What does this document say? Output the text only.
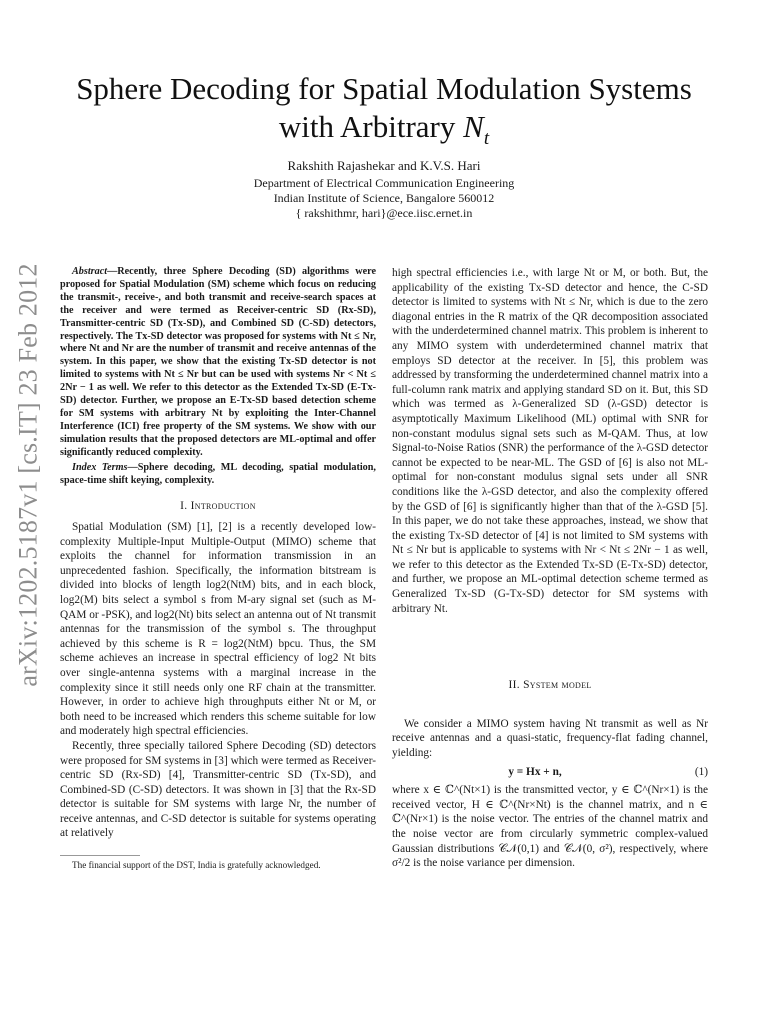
arXiv:1202.5187v1 [cs.IT] 23 Feb 2012
Sphere Decoding for Spatial Modulation Systems
with Arbitrary $N_t$
Rakshith Rajashekar and K.V.S. Hari
Department of Electrical Communication Engineering
Indian Institute of Science, Bangalore 560012
{ rakshithmr, hari}@ece.iisc.ernet.in

Abstract—Recently, three Sphere Decoding (SD) algorithms were proposed for Spatial Modulation (SM) scheme which focus on reducing the transmit-, receive-, and both transmit and receive-search spaces at the receiver and were termed as Receiver-centric SD (Rx-SD), Transmitter-centric SD (Tx-SD), and Combined SD (C-SD) detectors, respectively. The Tx-SD detector was proposed for systems with Nt ≤ Nr, where Nt and Nr are the number of transmit and receive antennas of the system. In this paper, we show that the existing Tx-SD detector is not limited to systems with Nt ≤ Nr but can be used with systems Nr < Nt ≤ 2Nr − 1 as well. We refer to this detector as the Extended Tx-SD (E-Tx-SD) detector. Further, we propose an E-Tx-SD based detection scheme for SM systems with arbitrary Nt by exploiting the Inter-Channel Interference (ICI) free property of the SM systems. We show with our simulation results that the proposed detectors are ML-optimal and offer significantly reduced complexity.

Index Terms—Sphere decoding, ML decoding, spatial modulation, space-time shift keying, complexity.

I. Introduction

Spatial Modulation (SM) [1], [2] is a recently developed low-complexity Multiple-Input Multiple-Output (MIMO) scheme that exploits the channel for information transmission in an unprecedented fashion. Specifically, the information bitstream is divided into blocks of length log2(NtM) bits, and in each block, log2(M) bits select a symbol s from M-ary signal set (such as M-QAM or -PSK), and log2(Nt) bits select an antenna out of Nt transmit antennas for the transmission of the symbol s. The throughput achieved by this scheme is R = log2(NtM) bpcu. Thus, the SM scheme achieves an increase in spectral efficiency of log2 Nt bits over single-antenna systems with a marginal increase in the complexity since it still needs only one RF chain at the transmitter. However, in order to achieve high throughputs either Nt or M, or both need to be increased which renders this scheme suitable for low and moderately high spectral efficiencies.

Recently, three specially tailored Sphere Decoding (SD) detectors were proposed for SM systems in [3] which were termed as Receiver-centric SD (Rx-SD) [4], Transmitter-centric SD (Tx-SD), and Combined-SD (C-SD) detectors. It was shown in [3] that the Rx-SD detector is suitable for SM systems with large Nr, the number of receive antennas, and C-SD detector is suitable for systems operating at relatively

The financial support of the DST, India is gratefully acknowledged.

high spectral efficiencies i.e., with large Nt or M, or both. But, the applicability of the existing Tx-SD detector and hence, the C-SD detector is limited to systems with Nt ≤ Nr, which is due to the zero diagonal entries in the R matrix of the QR decomposition associated with the underdetermined channel matrix. This problem is inherent to any MIMO system with underdetermined channel matrix that employs SD detector at the receiver. In [5], this problem was addressed by transforming the underdetermined channel matrix into a full-column rank matrix and applying standard SD on it. But, this SD which was termed as λ-Generalized SD (λ-GSD) detector is asymptotically Maximum Likelihood (ML) optimal with SNR for non-constant modulus signal sets such as M-QAM. Thus, at low Signal-to-Noise Ratios (SNR) the performance of the λ-GSD detector cannot be expected to be near-ML. The GSD of [6] is also not ML-optimal for non-constant modulus signal sets under all SNR conditions like the λ-GSD detector, and also the complexity offered by the GSD of [6] is significantly higher than that of the λ-GSD [5]. In this paper, we do not take these approaches, instead, we show that the existing Tx-SD detector of [4] is not limited to SM systems with Nt ≤ Nr but is applicable to systems with Nr < Nt ≤ 2Nr − 1 as well, we refer to this detector as the Extended Tx-SD (E-Tx-SD) detector, and further, we propose an ML-optimal detection scheme termed as Generalized Tx-SD (G-Tx-SD) detector for SM systems with arbitrary Nt.

II. System model

We consider a MIMO system having Nt transmit as well as Nr receive antennas and a quasi-static, frequency-flat fading channel, yielding:

y = Hx + n,	(1)

where x ∈ ℂ^(Nt×1) is the transmitted vector, y ∈ ℂ^(Nr×1) is the received vector, H ∈ ℂ^(Nr×Nt) is the channel matrix, and n ∈ ℂ^(Nr×1) is the noise vector. The entries of the channel matrix and the noise vector are from circularly symmetric complex-valued Gaussian distributions 𝒞𝒩(0,1) and 𝒞𝒩(0, σ²), respectively, where σ²/2 is the noise variance per dimension.
